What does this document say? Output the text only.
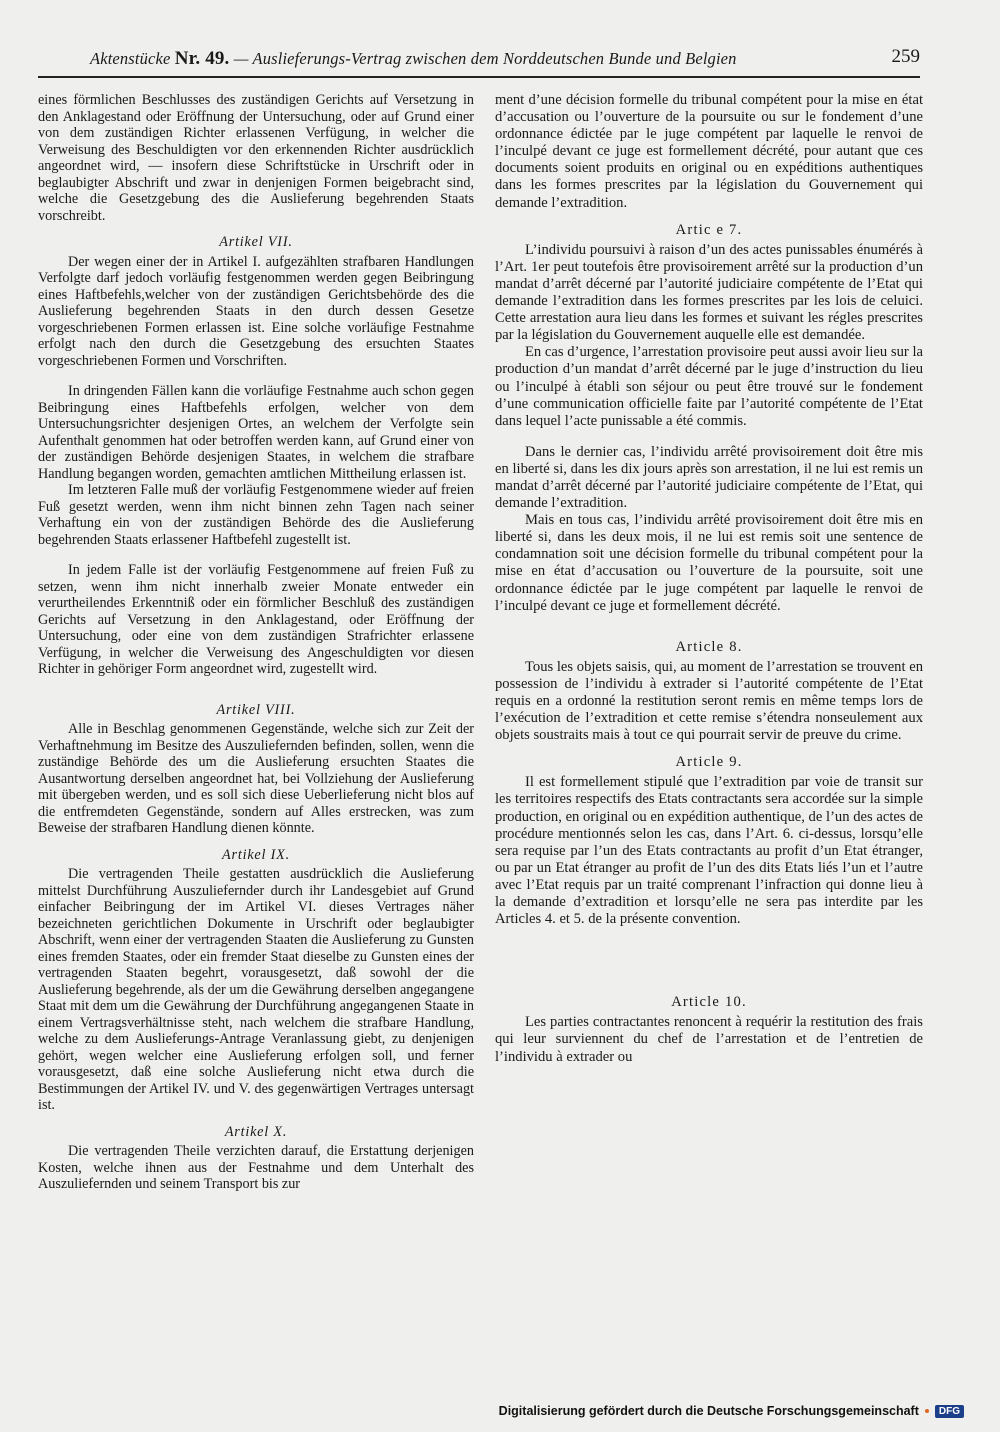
Aktenstücke Nr. 49. — Auslieferungs-Vertrag zwischen dem Norddeutschen Bunde und Belgien	259

eines förmlichen Beschlusses des zuständigen Gerichts auf Versetzung in den Anklagestand oder Eröffnung der Untersuchung, oder auf Grund einer von dem zuständigen Richter erlassenen Verfügung, in welcher die Verweisung des Beschuldigten vor den erkennenden Richter ausdrücklich angeordnet wird, — insofern diese Schriftstücke in Urschrift oder in beglaubigter Abschrift und zwar in denjenigen Formen beigebracht sind, welche die Gesetzgebung des die Auslieferung begehrenden Staats vorschreibt.

Artikel VII.

Der wegen einer der in Artikel I. aufgezählten strafbaren Handlungen Verfolgte darf jedoch vorläufig festgenommen werden gegen Beibringung eines Haftbefehls,welcher von der zuständigen Gerichtsbehörde des die Auslieferung begehrenden Staats in den durch dessen Gesetze vorgeschriebenen Formen erlassen ist. Eine solche vorläufige Festnahme erfolgt nach den durch die Gesetzgebung des ersuchten Staates vorgeschriebenen Formen und Vorschriften.

In dringenden Fällen kann die vorläufige Festnahme auch schon gegen Beibringung eines Haftbefehls erfolgen, welcher von dem Untersuchungsrichter desjenigen Ortes, an welchem der Verfolgte sein Aufenthalt genommen hat oder betroffen werden kann, auf Grund einer von der zuständigen Behörde desjenigen Staates, in welchem die strafbare Handlung begangen worden, gemachten amtlichen Mittheilung erlassen ist.

Im letzteren Falle muß der vorläufig Festgenommene wieder auf freien Fuß gesetzt werden, wenn ihm nicht binnen zehn Tagen nach seiner Verhaftung ein von der zuständigen Behörde des die Auslieferung begehrenden Staats erlassener Haftbefehl zugestellt ist.

In jedem Falle ist der vorläufig Festgenommene auf freien Fuß zu setzen, wenn ihm nicht innerhalb zweier Monate entweder ein verurtheilendes Erkenntniß oder ein förmlicher Beschluß des zuständigen Gerichts auf Versetzung in den Anklagestand, oder Eröffnung der Untersuchung, oder eine von dem zuständigen Strafrichter erlassene Verfügung, in welcher die Verweisung des Angeschuldigten vor diesen Richter in gehöriger Form angeordnet wird, zugestellt wird.

Artikel VIII.

Alle in Beschlag genommenen Gegenstände, welche sich zur Zeit der Verhaftnehmung im Besitze des Auszuliefernden befinden, sollen, wenn die zuständige Behörde des um die Auslieferung ersuchten Staates die Ausantwortung derselben angeordnet hat, bei Vollziehung der Auslieferung mit übergeben werden, und es soll sich diese Ueberlieferung nicht blos auf die entfremdeten Gegenstände, sondern auf Alles erstrecken, was zum Beweise der strafbaren Handlung dienen könnte.

Artikel IX.

Die vertragenden Theile gestatten ausdrücklich die Auslieferung mittelst Durchführung Auszuliefernder durch ihr Landesgebiet auf Grund einfacher Beibringung der im Artikel VI. dieses Vertrages näher bezeichneten gerichtlichen Dokumente in Urschrift oder beglaubigter Abschrift, wenn einer der vertragenden Staaten die Auslieferung zu Gunsten eines fremden Staates, oder ein fremder Staat dieselbe zu Gunsten eines der vertragenden Staaten begehrt, vorausgesetzt, daß sowohl der die Auslieferung begehrende, als der um die Gewährung derselben angegangene Staat mit dem um die Gewährung der Durchführung angegangenen Staate in einem Vertragsverhältnisse steht, nach welchem die strafbare Handlung, welche zu dem Auslieferungs-Antrage Veranlassung giebt, zu denjenigen gehört, wegen welcher eine Auslieferung erfolgen soll, und ferner vorausgesetzt, daß eine solche Auslieferung nicht etwa durch die Bestimmungen der Artikel IV. und V. des gegenwärtigen Vertrages untersagt ist.

Artikel X.

Die vertragenden Theile verzichten darauf, die Erstattung derjenigen Kosten, welche ihnen aus der Festnahme und dem Unterhalt des Auszuliefernden und seinem Transport bis zur

ment d’une décision formelle du tribunal compétent pour la mise en état d’accusation ou l’ouverture de la poursuite ou sur le fondement d’une ordonnance édictée par le juge compétent par laquelle le renvoi de l’inculpé devant ce juge est formellement décrété, pour autant que ces documents soient produits en original ou en expéditions authentiques dans les formes prescrites par la législation du Gouvernement qui demande l’extradition.

Artic e 7.

L’individu poursuivi à raison d’un des actes punissables énumérés à l’Art. 1er peut toutefois être provisoirement arrêté sur la production d’un mandat d’arrêt décerné par l’autorité judiciaire compétente de l’Etat qui demande l’extradition dans les formes prescrites par les lois de celuici. Cette arrestation aura lieu dans les formes et suivant les régles prescrites par la législation du Gouvernement auquelle elle est demandée.

En cas d’urgence, l’arrestation provisoire peut aussi avoir lieu sur la production d’un mandat d’arrêt décerné par le juge d’instruction du lieu ou l’inculpé à établi son séjour ou peut être trouvé sur le fondement d’une communication officielle faite par l’autorité compétente de l’Etat dans lequel l’acte punissable a été commis.

Dans le dernier cas, l’individu arrêté provisoirement doit être mis en liberté si, dans les dix jours après son arrestation, il ne lui est remis un mandat d’arrêt décerné par l’autorité judiciaire compétente de l’Etat, qui demande l’extradition.

Mais en tous cas, l’individu arrêté provisoirement doit être mis en liberté si, dans les deux mois, il ne lui est remis soit une sentence de condamnation soit une décision formelle du tribunal compétent pour la mise en état d’accusation ou l’ouverture de la poursuite, soit une ordonnance édictée par le juge compétent par laquelle le renvoi de l’inculpé devant ce juge et formellement décrété.

Article 8.

Tous les objets saisis, qui, au moment de l’arrestation se trouvent en possession de l’individu à extrader si l’autorité compétente de l’Etat requis en a ordonné la restitution seront remis en même temps lors de l’exécution de l’extradition et cette remise s’étendra nonseulement aux objets soustraits mais à tout ce qui pourrait servir de preuve du crime.

Article 9.

Il est formellement stipulé que l’extradition par voie de transit sur les territoires respectifs des Etats contractants sera accordée sur la simple production, en original ou en expédition authentique, de l’un des actes de procédure mentionnés selon les cas, dans l’Art. 6. ci-dessus, lorsqu’elle sera requise par l’un des Etats contractants au profit d’un Etat étranger, ou par un Etat étranger au profit de l’un des dits Etats liés l’un et l’autre avec l’Etat requis par un traité comprenant l’infraction qui donne lieu à la demande d’extradition et lorsqu’elle ne sera pas interdite par les Articles 4. et 5. de la présente convention.

Article 10.

Les parties contractantes renoncent à requérir la restitution des frais qui leur surviennent du chef de l’arrestation et de l’entretien de l’individu à extrader ou

Digitalisierung gefördert durch die Deutsche Forschungsgemeinschaft	DFG
